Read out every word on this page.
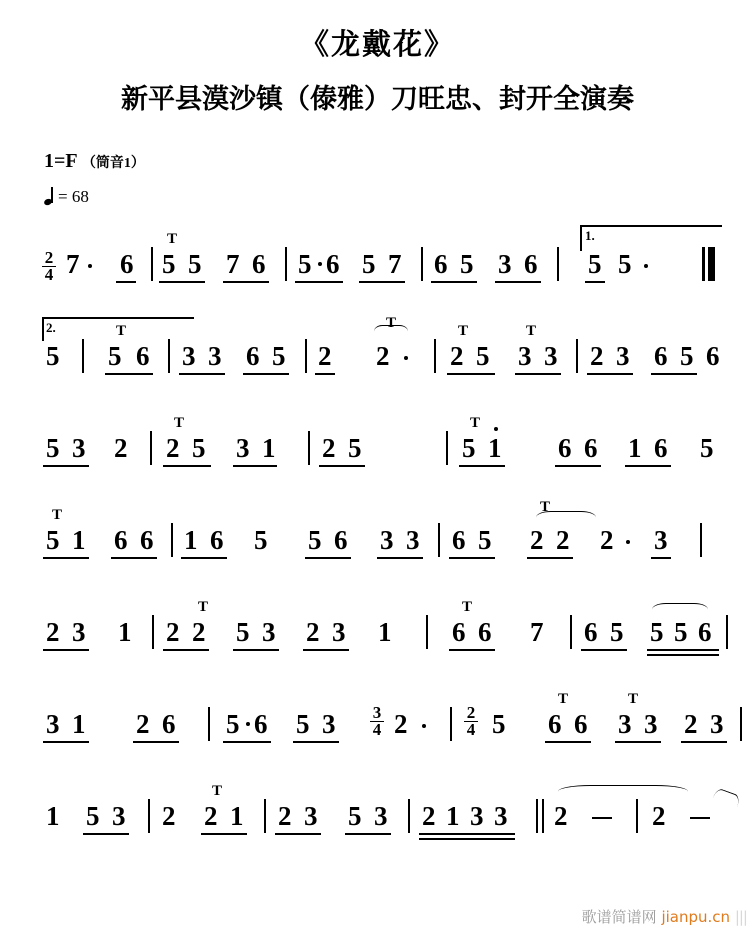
《龙戴花》
新平县漠沙镇（傣雅）刀旺忠、封开全演奏
1=F （筒音1）
= 68
2
4 7 6
T
5 5 7 6 5 6 5 7 6 5 3 6
1.
5 5
2.
5
T
5 6 3 3 6 5 2
T
2
T
2 5
T
3 3 2 3 6 5 6
5 3 2
T
2 5 3 1 2 5
T
5 1 6 6 1 6 5
T
5 1 6 6 1 6 5 5 6 3 3 6 5
T
2 2 2 3
2 3 1 2
T
2 5 3 2 3 1
T
6 6 7 6 5 5 5 6
3 1 2 6 5 6 5 3 3
4 2	2
4 5
T
6 6
T
3 3 2 3
1 5 3 2
T
2 1 2 3 5 3 2 1 3 3 2	2
歌谱简谱网 jianpu.cn |||
